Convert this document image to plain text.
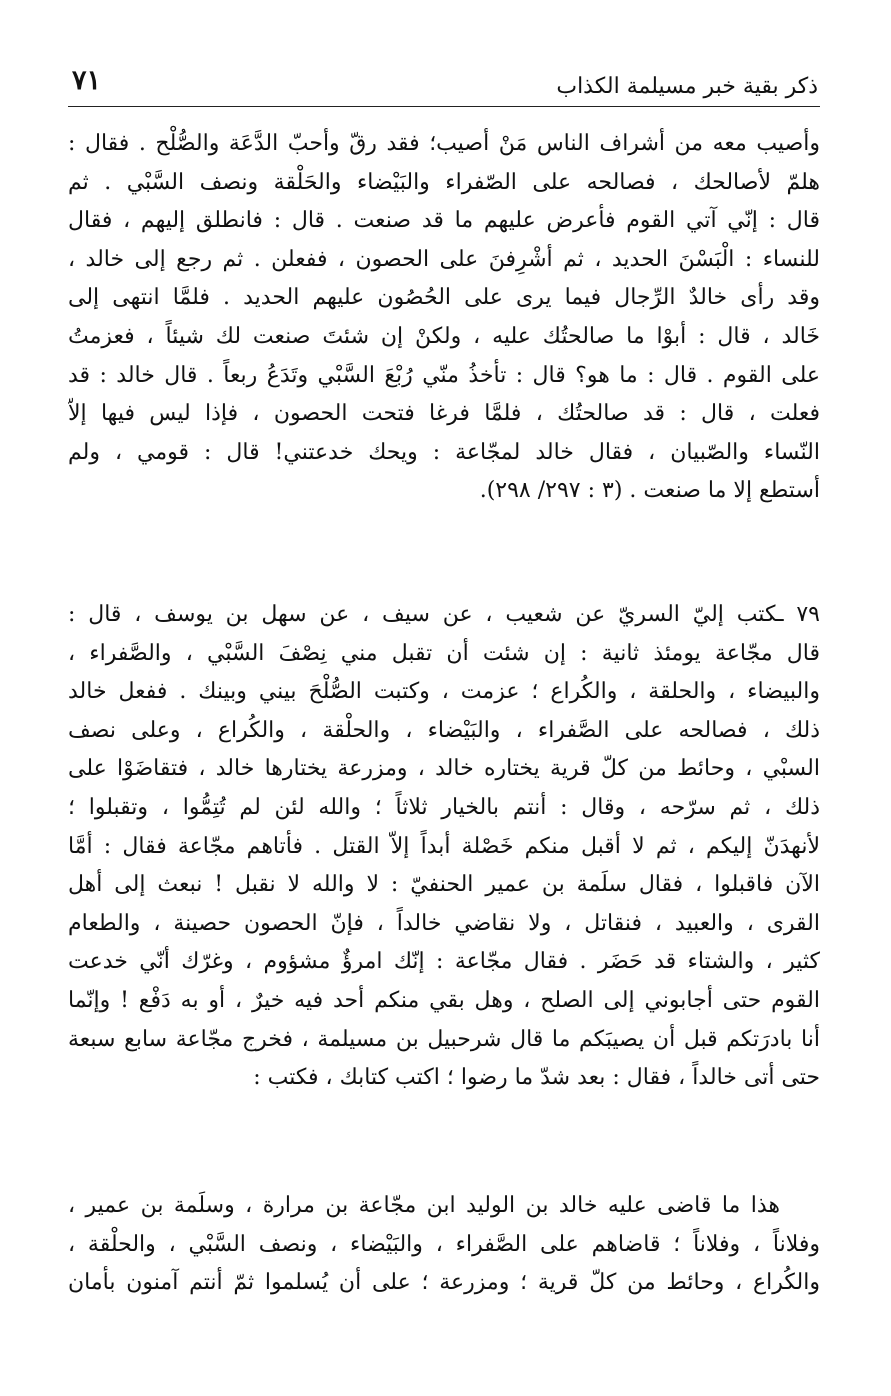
ذكر بقية خبر مسيلمة الكذاب
٧١
وأصيب معه من أشراف الناس مَنْ أصيب؛ فقد رقّ وأحبّ الدَّعَة والصُّلْح . فقال :
هلمّ لأصالحك ، فصالحه على الصّفراء والبَيْضاء والحَلْقة ونصف السَّبْي . ثم
قال : إنّي آتي القوم فأعرض عليهم ما قد صنعت . قال : فانطلق إليهم ، فقال
للنساء : الْبَسْنَ الحديد ، ثم أشْرِفنَ على الحصون ، ففعلن . ثم رجع إلى خالد ،
وقد رأى خالدٌ الرِّجال فيما يرى على الحُصُون عليهم الحديد . فلمَّا انتهى إلى
خَالد ، قال : أبوْا ما صالحتُك عليه ، ولكنْ إن شئتَ صنعت لك شيئاً ، فعزمتُ
على القوم . قال : ما هو؟ قال : تأخذُ منّي رُبْعَ السَّبْي وتَدَعُ ربعاً . قال خالد : قد
فعلت ، قال : قد صالحتُك ، فلمَّا فرغا فتحت الحصون ، فإذا ليس فيها إلاّ
النّساء والصّبيان ، فقال خالد لمجّاعة : ويحك خدعتني! قال : قومي ، ولم
أستطع إلا ما صنعت . (٣ : ٢٩٧/ ٢٩٨).
٧٩ ـكتب إليّ السريّ عن شعيب ، عن سيف ، عن سهل بن يوسف ، قال :
قال مجّاعة يومئذ ثانية : إن شئت أن تقبل مني نِصْفَ السَّبْي ، والصَّفراء ،
والبيضاء ، والحلقة ، والكُراع ؛ عزمت ، وكتبت الصُّلْحَ بيني وبينك . ففعل خالد
ذلك ، فصالحه على الصَّفراء ، والبَيْضاء ، والحلْقة ، والكُراع ، وعلى نصف
السبْي ، وحائط من كلّ قرية يختاره خالد ، ومزرعة يختارها خالد ، فتقاضَوْا على
ذلك ، ثم سرّحه ، وقال : أنتم بالخيار ثلاثاً ؛ والله لئن لم تُتِمُّوا ، وتقبلوا ؛
لأنهدَنّ إليكم ، ثم لا أقبل منكم خَصْلة أبداً إلاّ القتل . فأتاهم مجّاعة فقال : أمَّا
الآن فاقبلوا ، فقال سلَمة بن عمير الحنفيّ : لا والله لا نقبل ! نبعث إلى أهل
القرى ، والعبيد ، فنقاتل ، ولا نقاضي خالداً ، فإنّ الحصون حصينة ، والطعام
كثير ، والشتاء قد حَضَر . فقال مجّاعة : إنّك امرؤٌ مشؤوم ، وغرّك أنّي خدعت
القوم حتى أجابوني إلى الصلح ، وهل بقي منكم أحد فيه خيرٌ ، أو به دَفْع ! وإنّما
أنا بادرَتكم قبل أن يصيبَكم ما قال شرحبيل بن مسيلمة ، فخرج مجّاعة سابع سبعة
حتى أتى خالداً ، فقال : بعد شدّ ما رضوا ؛ اكتب كتابك ، فكتب :
هذا ما قاضى عليه خالد بن الوليد ابن مجّاعة بن مرارة ، وسلَمة بن عمير ،
وفلاناً ، وفلاناً ؛ قاضاهم على الصَّفراء ، والبَيْضاء ، ونصف السَّبْي ، والحلْقة ،
والكُراع ، وحائط من كلّ قرية ؛ ومزرعة ؛ على أن يُسلموا ثمّ أنتم آمنون بأمان
